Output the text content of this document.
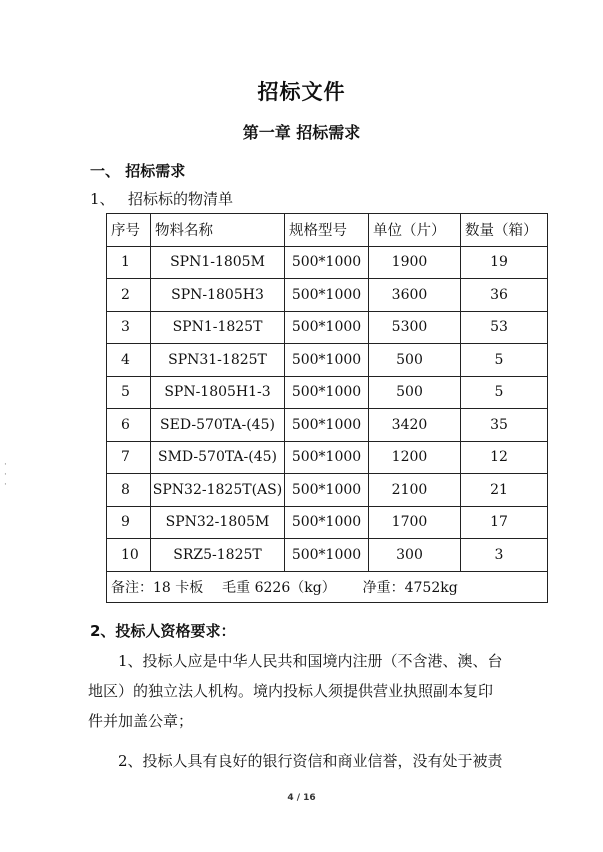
·
·
·
招标文件
第一章 招标需求
一、 招标需求
1、 招标标的物清单
序号	物料名称	规格型号	单位（片）	数量（箱）
1	SPN1-1805M	500*1000	1900	19
2	SPN-1805H3	500*1000	3600	36
3	SPN1-1825T	500*1000	5300	53
4	SPN31-1825T	500*1000	500	5
5	SPN-1805H1-3	500*1000	500	5
6	SED-570TA-(45)	500*1000	3420	35
7	SMD-570TA-(45)	500*1000	1200	12
8	SPN32-1825T(AS)	500*1000	2100	21
9	SPN32-1805M	500*1000	1700	17
10	SRZ5-1825T	500*1000	300	3
备注：18 卡板 毛重 6226（kg） 净重：4752kg				
2、投标人资格要求：
1、投标人应是中华人民共和国境内注册（不含港、澳、台
地区）的独立法人机构。境内投标人须提供营业执照副本复印
件并加盖公章；
2、投标人具有良好的银行资信和商业信誉，没有处于被责
4 / 16
